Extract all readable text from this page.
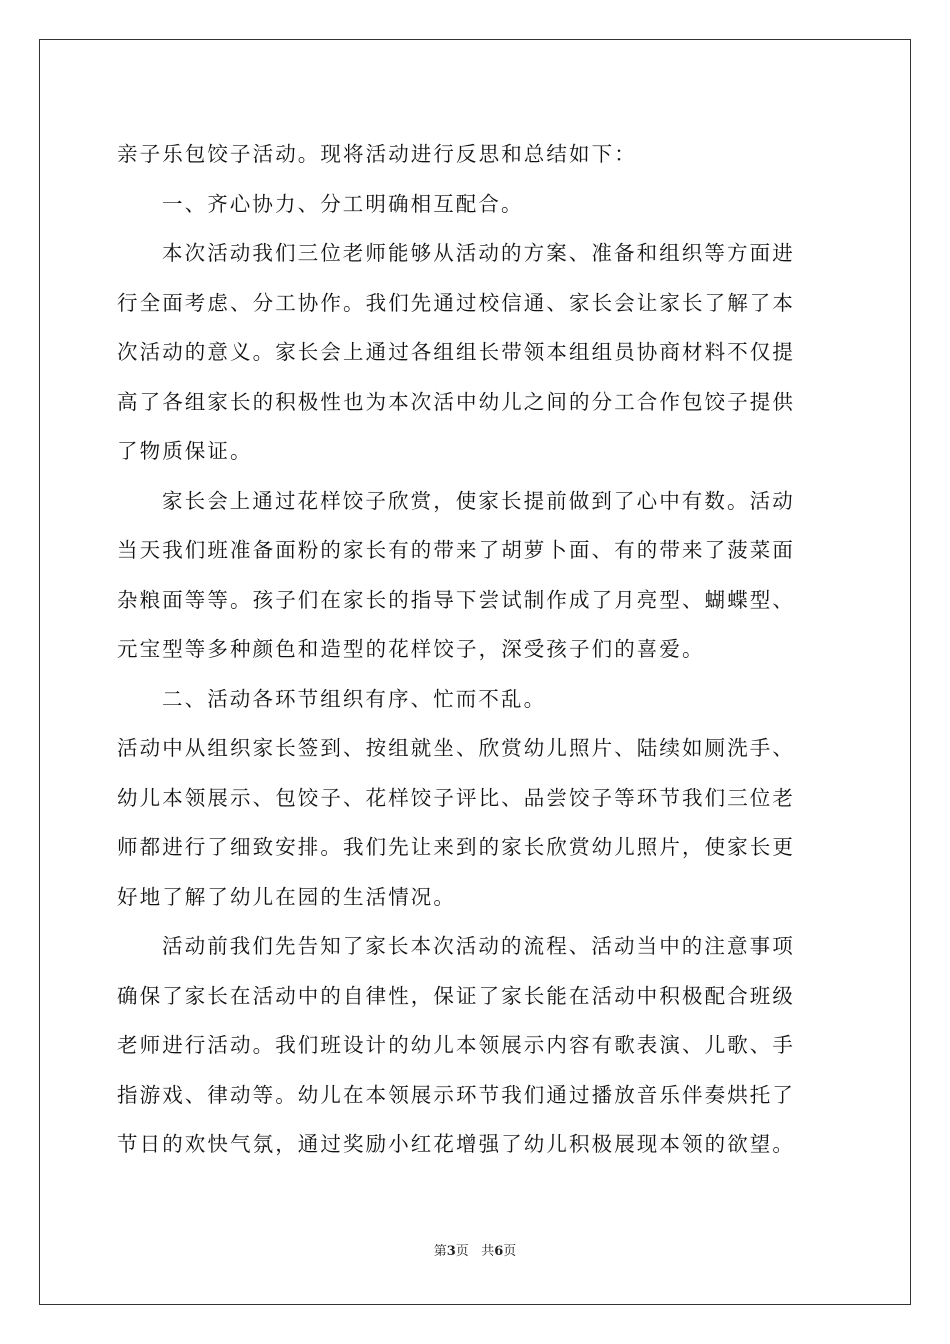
亲子乐包饺子活动。现将活动进行反思和总结如下：
一、齐心协力、分工明确相互配合。
本次活动我们三位老师能够从活动的方案、准备和组织等方面进
行全面考虑、分工协作。我们先通过校信通、家长会让家长了解了本
次活动的意义。家长会上通过各组组长带领本组组员协商材料不仅提
高了各组家长的积极性也为本次活中幼儿之间的分工合作包饺子提供
了物质保证。
家长会上通过花样饺子欣赏，使家长提前做到了心中有数。活动
当天我们班准备面粉的家长有的带来了胡萝卜面、有的带来了菠菜面
杂粮面等等。孩子们在家长的指导下尝试制作成了月亮型、蝴蝶型、
元宝型等多种颜色和造型的花样饺子，深受孩子们的喜爱。
二、活动各环节组织有序、忙而不乱。
活动中从组织家长签到、按组就坐、欣赏幼儿照片、陆续如厕洗手、
幼儿本领展示、包饺子、花样饺子评比、品尝饺子等环节我们三位老
师都进行了细致安排。我们先让来到的家长欣赏幼儿照片，使家长更
好地了解了幼儿在园的生活情况。
活动前我们先告知了家长本次活动的流程、活动当中的注意事项
确保了家长在活动中的自律性，保证了家长能在活动中积极配合班级
老师进行活动。我们班设计的幼儿本领展示内容有歌表演、儿歌、手
指游戏、律动等。幼儿在本领展示环节我们通过播放音乐伴奏烘托了
节日的欢快气氛，通过奖励小红花增强了幼儿积极展现本领的欲望。
第3页 共6页
